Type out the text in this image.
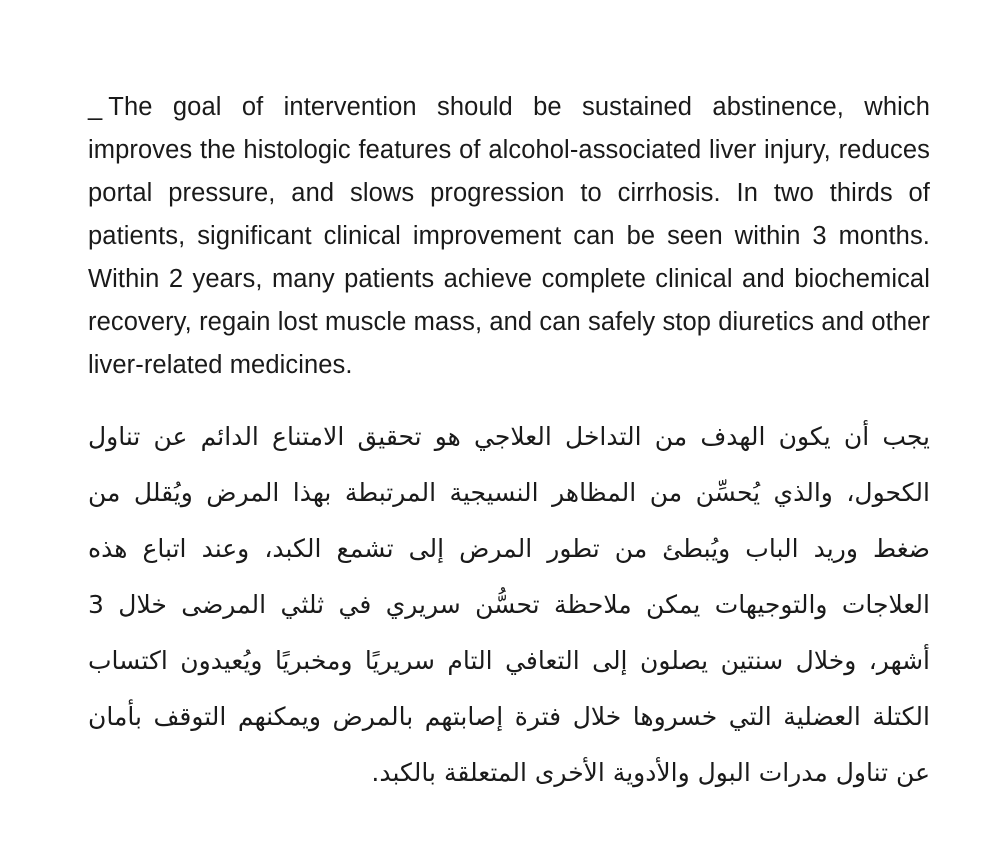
_ The goal of intervention should be sustained abstinence, which improves the histologic features of alcohol-associated liver injury, reduces portal pressure, and slows progression to cirrhosis. In two thirds of patients, significant clinical improvement can be seen within 3 months. Within 2 years, many patients achieve complete clinical and biochemical recovery, regain lost muscle mass, and can safely stop diuretics and other liver-related medicines.

يجب أن يكون الهدف من التداخل العلاجي هو تحقيق الامتناع الدائم عن تناول الكحول، والذي يُحسِّن من المظاهر النسيجية المرتبطة بهذا المرض ويُقلل من ضغط وريد الباب ويُبطئ من تطور المرض إلى تشمع الكبد، وعند اتباع هذه العلاجات والتوجيهات يمكن ملاحظة تحسُّن سريري في ثلثي المرضى خلال 3 أشهر، وخلال سنتين يصلون إلى التعافي التام سريريًا ومخبريًا ويُعيدون اكتساب الكتلة العضلية التي خسروها خلال فترة إصابتهم بالمرض ويمكنهم التوقف بأمان عن تناول مدرات البول والأدوية الأخرى المتعلقة بالكبد.
